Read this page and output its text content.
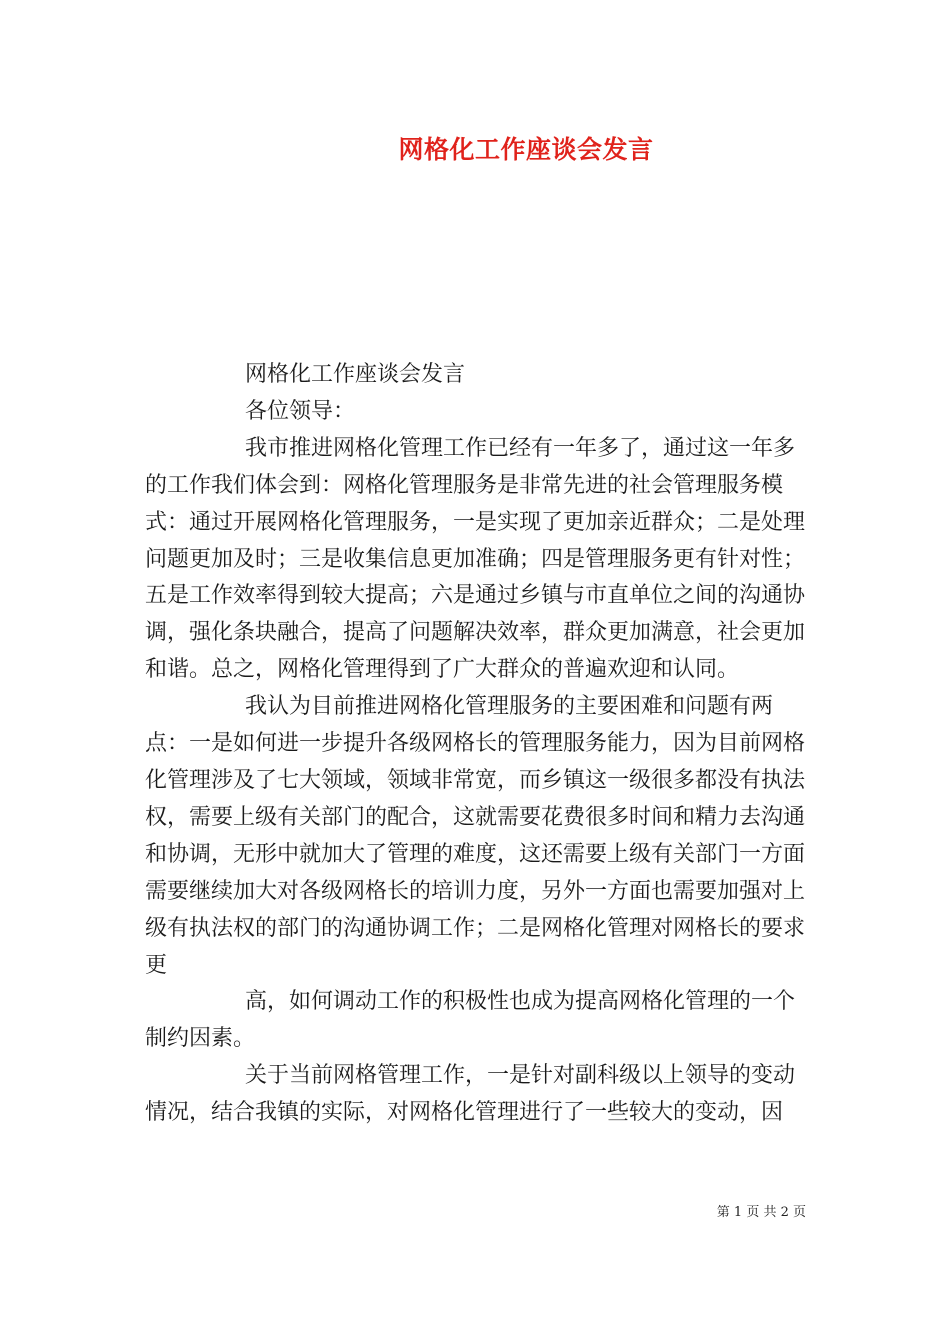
网格化工作座谈会发言

网格化工作座谈会发言

各位领导：

我市推进网格化管理工作已经有一年多了，通过这一年多的工作我们体会到：网格化管理服务是非常先进的社会管理服务模式：通过开展网格化管理服务，一是实现了更加亲近群众；二是处理问题更加及时；三是收集信息更加准确；四是管理服务更有针对性；五是工作效率得到较大提高；六是通过乡镇与市直单位之间的沟通协调，强化条块融合，提高了问题解决效率，群众更加满意，社会更加和谐。总之，网格化管理得到了广大群众的普遍欢迎和认同。

我认为目前推进网格化管理服务的主要困难和问题有两点：一是如何进一步提升各级网格长的管理服务能力，因为目前网格化管理涉及了七大领域，领域非常宽，而乡镇这一级很多都没有执法权，需要上级有关部门的配合，这就需要花费很多时间和精力去沟通和协调，无形中就加大了管理的难度，这还需要上级有关部门一方面需要继续加大对各级网格长的培训力度，另外一方面也需要加强对上级有执法权的部门的沟通协调工作；二是网格化管理对网格长的要求更

高，如何调动工作的积极性也成为提高网格化管理的一个制约因素。

关于当前网格管理工作，一是针对副科级以上领导的变动情况，结合我镇的实际，对网格化管理进行了一些较大的变动，因

第 1 页 共 2 页
